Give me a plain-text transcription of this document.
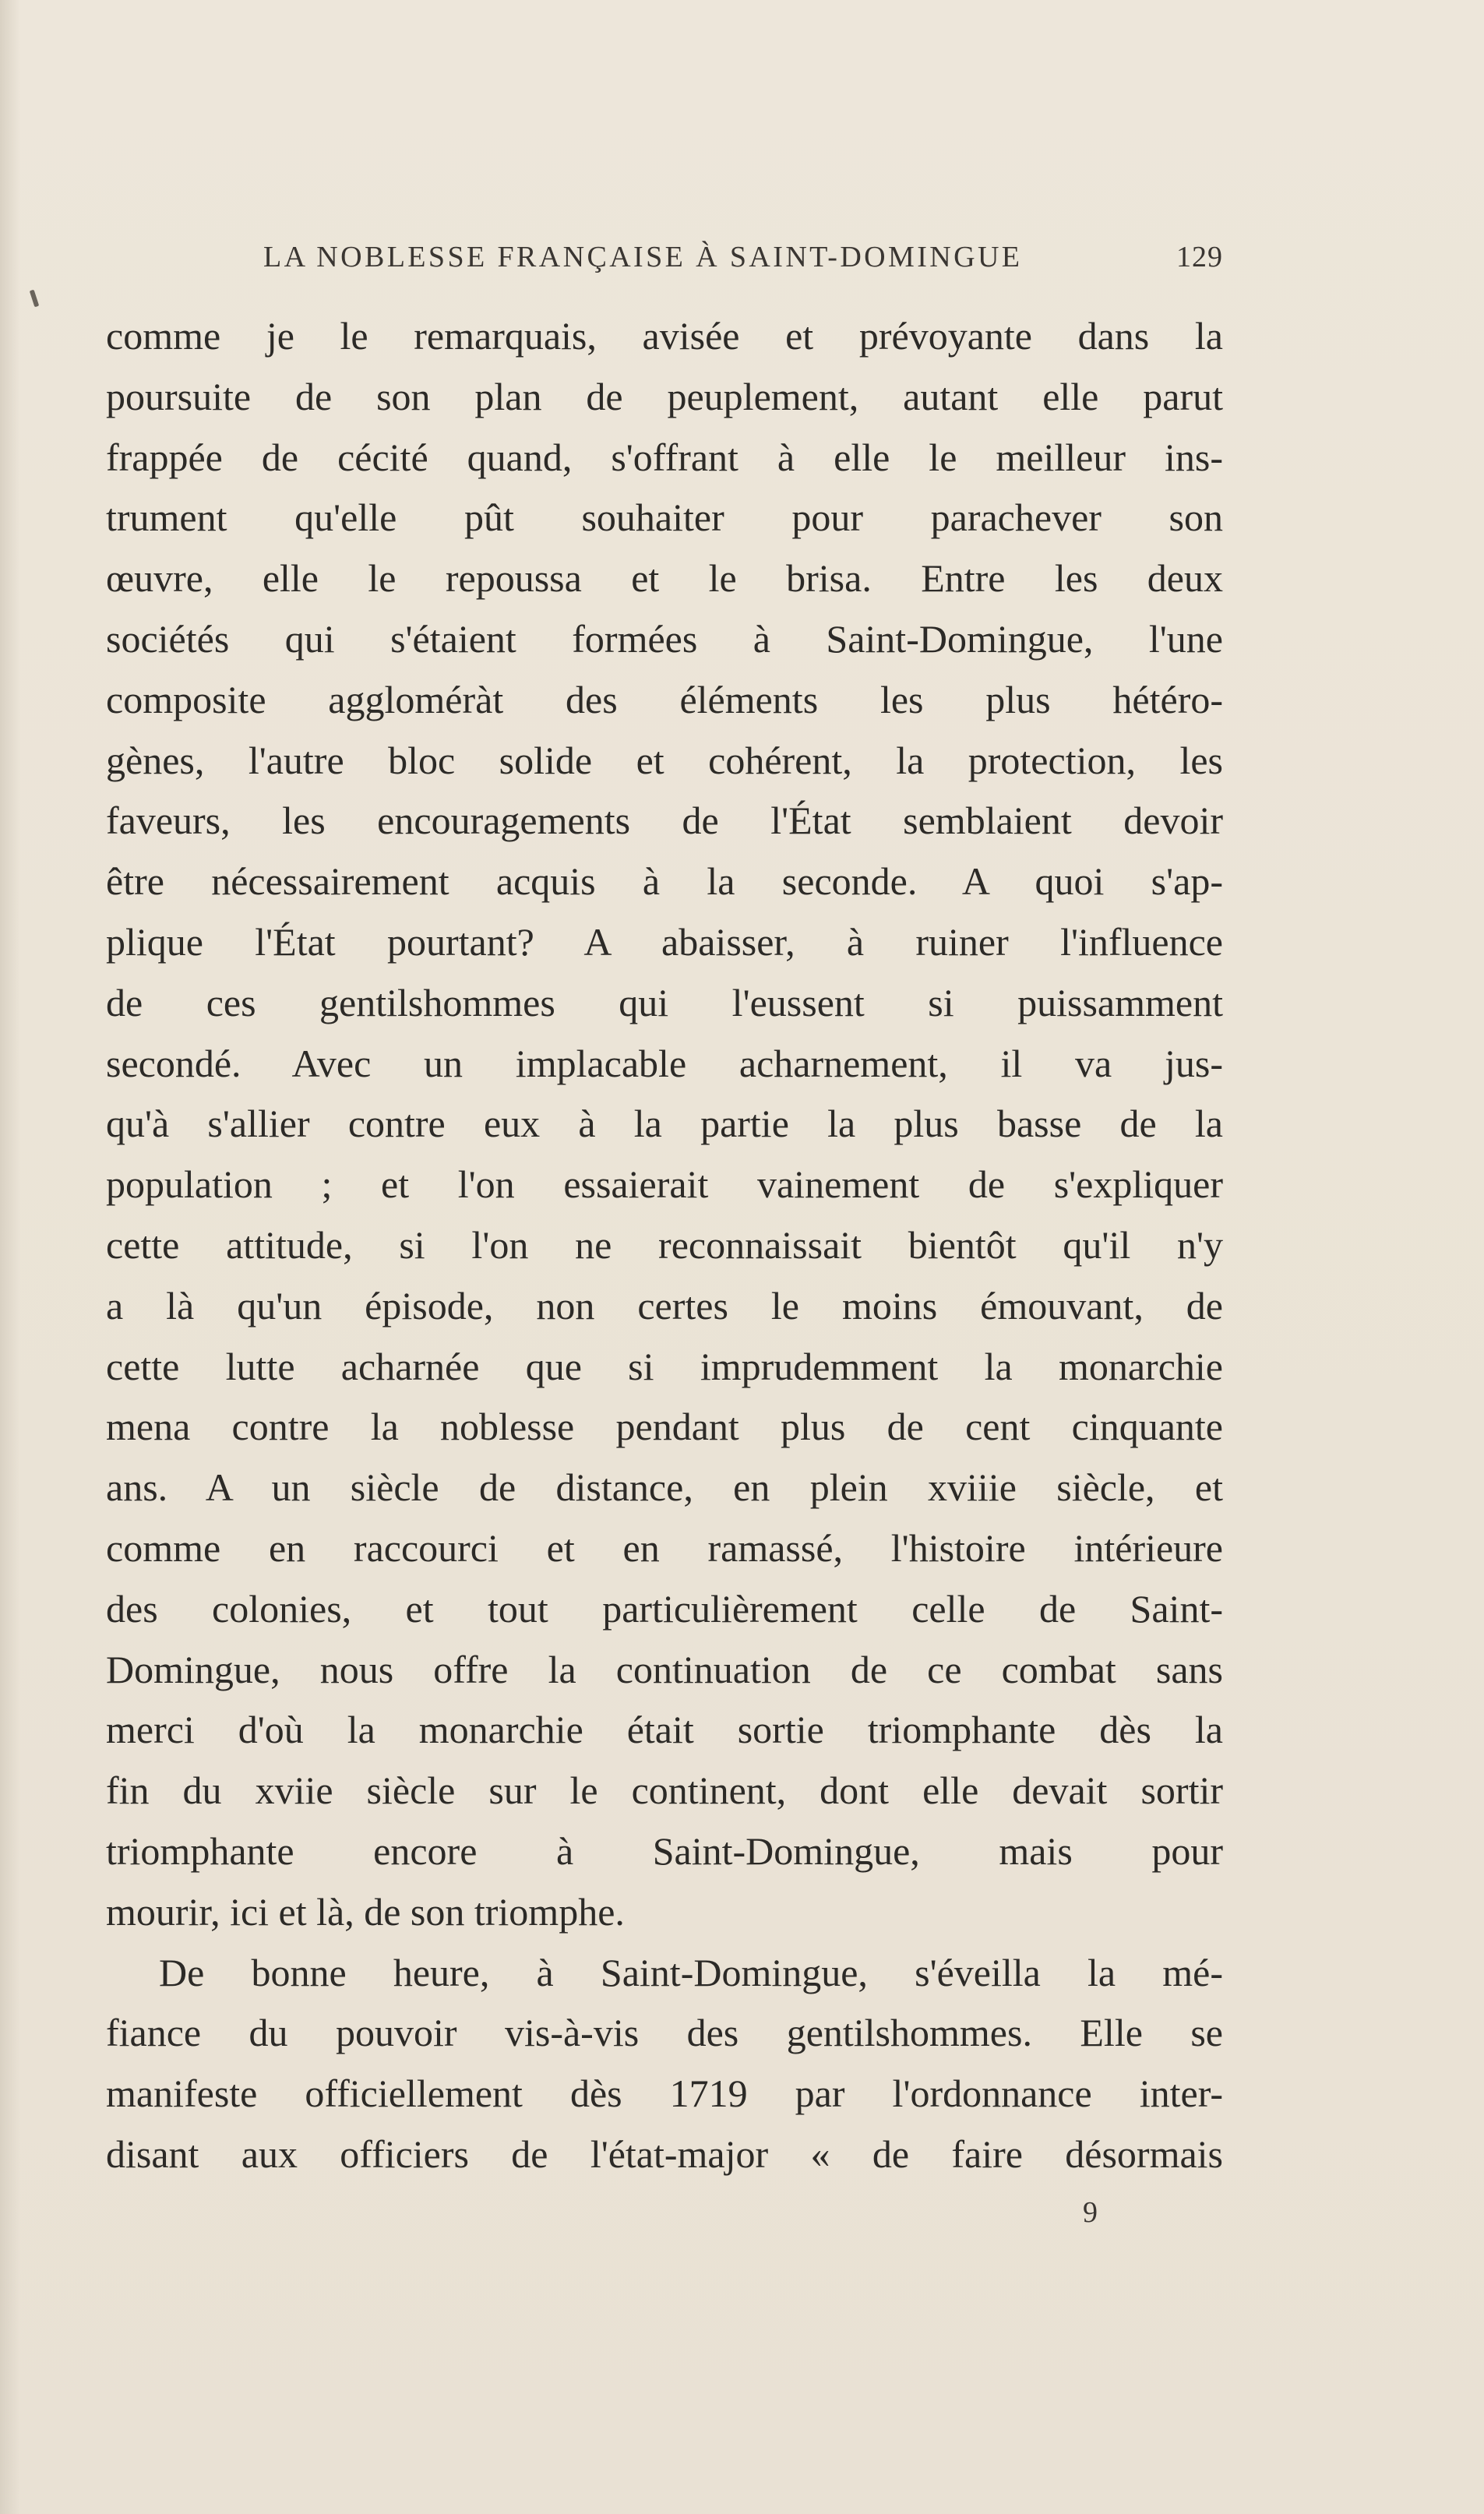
LA NOBLESSE FRANÇAISE À SAINT-DOMINGUE	129
comme je le remarquais, avisée et prévoyante dans la
poursuite de son plan de peuplement, autant elle parut
frappée de cécité quand, s'offrant à elle le meilleur ins-
trument qu'elle pût souhaiter pour parachever son
œuvre, elle le repoussa et le brisa. Entre les deux
sociétés qui s'étaient formées à Saint-Domingue, l'une
composite aggloméràt des éléments les plus hétéro-
gènes, l'autre bloc solide et cohérent, la protection, les
faveurs, les encouragements de l'État semblaient devoir
être nécessairement acquis à la seconde. A quoi s'ap-
plique l'État pourtant? A abaisser, à ruiner l'influence
de ces gentilshommes qui l'eussent si puissamment
secondé. Avec un implacable acharnement, il va jus-
qu'à s'allier contre eux à la partie la plus basse de la
population ; et l'on essaierait vainement de s'expliquer
cette attitude, si l'on ne reconnaissait bientôt qu'il n'y
a là qu'un épisode, non certes le moins émouvant, de
cette lutte acharnée que si imprudemment la monarchie
mena contre la noblesse pendant plus de cent cinquante
ans. A un siècle de distance, en plein xviiie siècle, et
comme en raccourci et en ramassé, l'histoire intérieure
des colonies, et tout particulièrement celle de Saint-
Domingue, nous offre la continuation de ce combat sans
merci d'où la monarchie était sortie triomphante dès la
fin du xviie siècle sur le continent, dont elle devait sortir
triomphante encore à Saint-Domingue, mais pour
mourir, ici et là, de son triomphe.
De bonne heure, à Saint-Domingue, s'éveilla la mé-
fiance du pouvoir vis-à-vis des gentilshommes. Elle se
manifeste officiellement dès 1719 par l'ordonnance inter-
disant aux officiers de l'état-major « de faire désormais
9
